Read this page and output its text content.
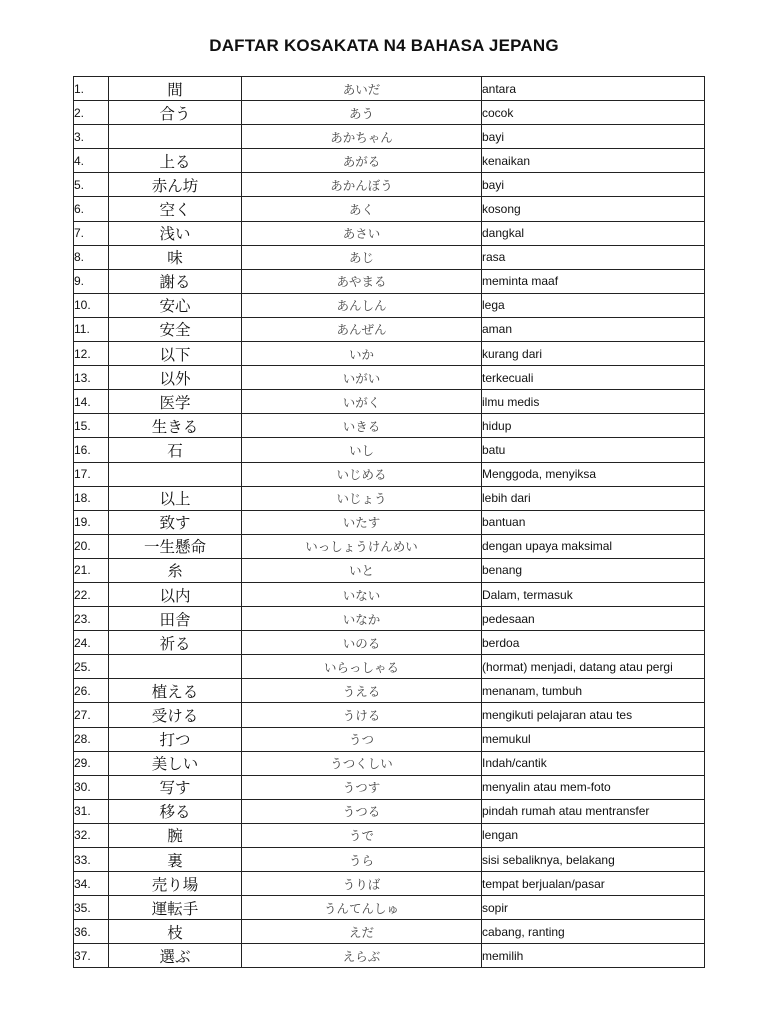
DAFTAR KOSAKATA N4 BAHASA JEPANG
1.	間	あいだ	antara
2.	合う	あう	cocok
3.		あかちゃん	bayi
4.	上る	あがる	kenaikan
5.	赤ん坊	あかんぼう	bayi
6.	空く	あく	kosong
7.	浅い	あさい	dangkal
8.	味	あじ	rasa
9.	謝る	あやまる	meminta maaf
10.	安心	あんしん	lega
11.	安全	あんぜん	aman
12.	以下	いか	kurang dari
13.	以外	いがい	terkecuali
14.	医学	いがく	ilmu medis
15.	生きる	いきる	hidup
16.	石	いし	batu
17.		いじめる	Menggoda, menyiksa
18.	以上	いじょう	lebih dari
19.	致す	いたす	bantuan
20.	一生懸命	いっしょうけんめい	dengan upaya maksimal
21.	糸	いと	benang
22.	以内	いない	Dalam, termasuk
23.	田舎	いなか	pedesaan
24.	祈る	いのる	berdoa
25.		いらっしゃる	(hormat) menjadi, datang atau pergi
26.	植える	うえる	menanam, tumbuh
27.	受ける	うける	mengikuti pelajaran atau tes
28.	打つ	うつ	memukul
29.	美しい	うつくしい	Indah/cantik
30.	写す	うつす	menyalin atau mem-foto
31.	移る	うつる	pindah rumah atau mentransfer
32.	腕	うで	lengan
33.	裏	うら	sisi sebaliknya, belakang
34.	売り場	うりば	tempat berjualan/pasar
35.	運転手	うんてんしゅ	sopir
36.	枝	えだ	cabang, ranting
37.	選ぶ	えらぶ	memilih
